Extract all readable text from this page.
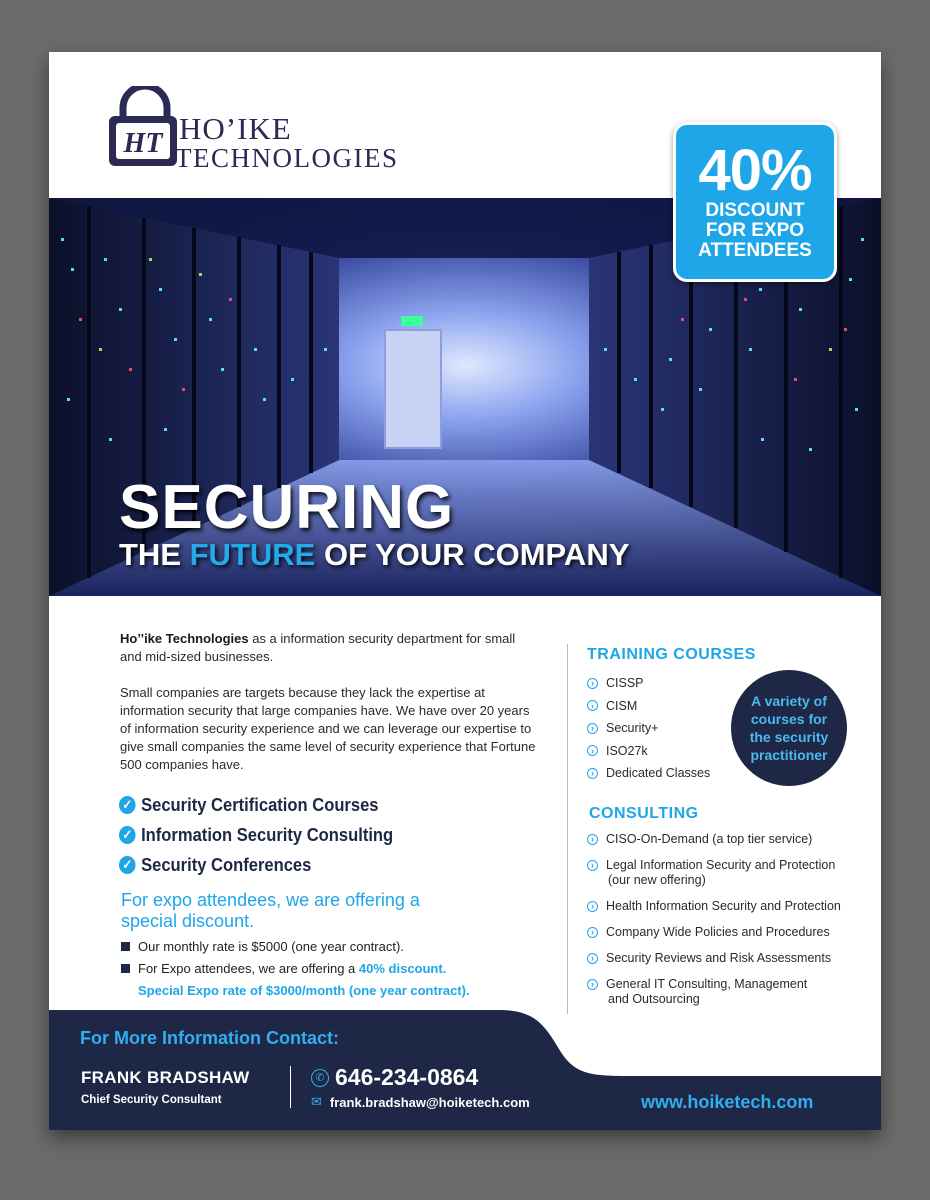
HT HO’IKE
TECHNOLOGIES
SECURING
THE FUTURE OF YOUR COMPANY
40%
DISCOUNT
FOR EXPO
ATTENDEES

Ho’’ike Technologies as a information security department for small and mid-sized businesses.

Small companies are targets because they lack the expertise at information security that large companies have. We have over 20 years of information security experience and we can leverage our expertise to give small companies the same level of security experience that Fortune 500 companies have.

✓ Security Certification Courses
✓ Information Security Consulting
✓ Security Conferences
For expo attendees, we are offering a special discount.
Our monthly rate is $5000 (one year contract).
For Expo attendees, we are offering a 40% discount.
Special Expo rate of $3000/month (one year contract).
TRAINING COURSES
› CISSP
› CISM
› Security+
› ISO27k
› Dedicated Classes
A variety of courses for the security practitioner
CONSULTING
› CISO-On-Demand (a top tier service)
› Legal Information Security and Protection
(our new offering)
› Health Information Security and Protection
› Company Wide Policies and Procedures
› Security Reviews and Risk Assessments
› General IT Consulting, Management
and Outsourcing
For More Information Contact:
FRANK BRADSHAW
Chief Security Consultant
✆ 646-234-0864
✉ frank.bradshaw@hoiketech.com	www.hoiketech.com
